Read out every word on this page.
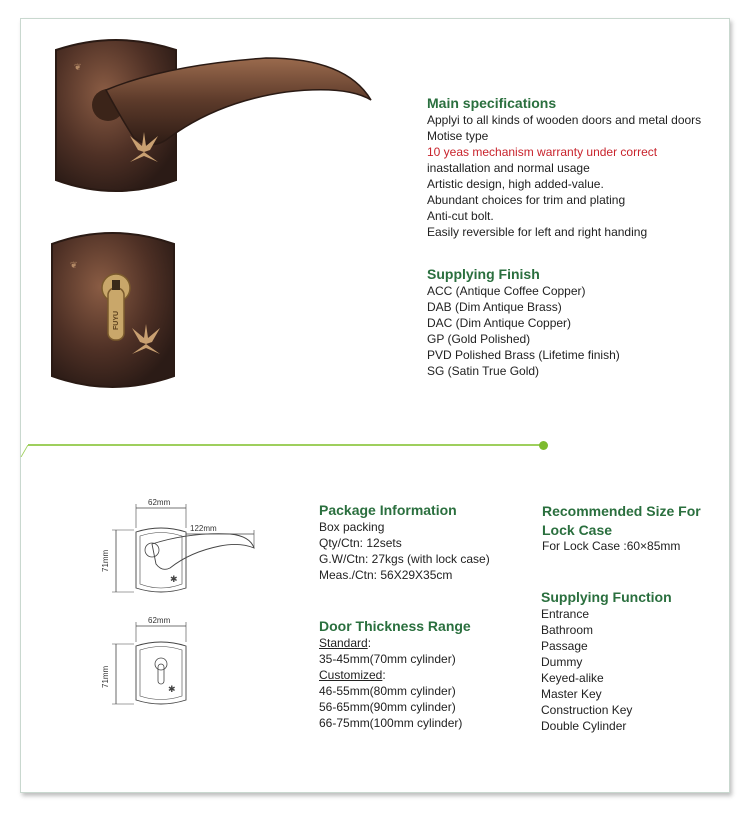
❦
FUYU
❦
Main specifications
Applyi to all kinds of wooden doors and metal doors
Motise type
10 yeas mechanism warranty under correct
inastallation and normal usage
Artistic design, high added-value.
Abundant choices for trim and plating
Anti-cut bolt.
Easily reversible for left and right handing
Supplying Finish
ACC (Antique Coffee Copper)
DAB (Dim Antique Brass)
DAC (Dim Antique Copper)
GP (Gold Polished)
PVD Polished Brass (Lifetime finish)
SG (Satin True Gold)
62mm
122mm
71mm
✱
62mm
71mm
✱
Package Information
Box packing
Qty/Ctn: 12sets
G.W/Ctn: 27kgs (with lock case)
Meas./Ctn: 56X29X35cm
Door Thickness Range
Standard:
35-45mm(70mm cylinder)
Customized:
46-55mm(80mm cylinder)
56-65mm(90mm cylinder)
66-75mm(100mm cylinder)
Recommended Size For
Lock Case
For Lock Case :60×85mm
Supplying Function
Entrance
Bathroom
Passage
Dummy
Keyed-alike
Master Key
Construction Key
Double Cylinder
